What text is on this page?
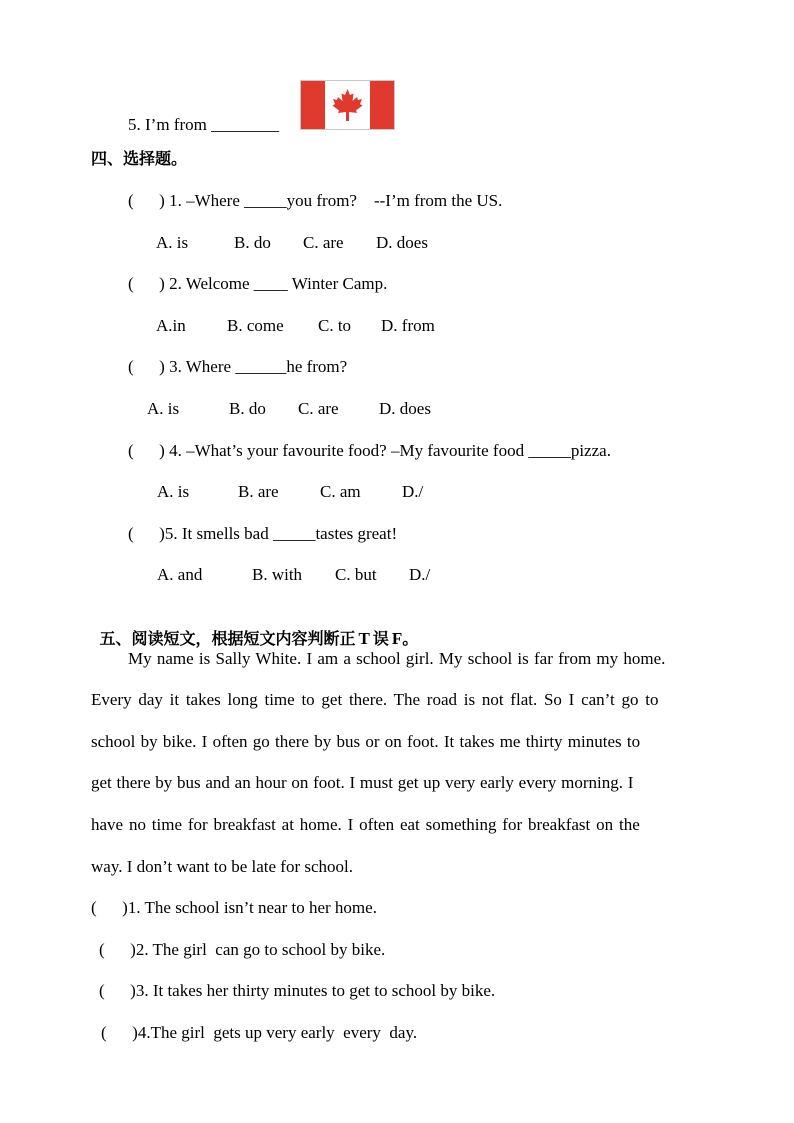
5. I’m from ________
四、选择题。
(      ) 1. –Where _____you from?    --I’m from the US.
A. is	B. do C. are D. does
(      ) 2. Welcome ____ Winter Camp.
A.in B. come C. to D. from
(      ) 3. Where ______he from?
A. is	B. do C. are D. does
(      ) 4. –What’s your favourite food? –My favourite food _____pizza.
A. is	B. are C. am D./
(      )5. It smells bad _____tastes great!
A. and	B. with C. but D./

五、阅读短文，根据短文内容判断正 T 误 F。

My name is Sally White. I am a school girl. My school is far from my home.
Every day it takes long time to get there. The road is not flat. So I can’t go to
school by bike. I often go there by bus or on foot. It takes me thirty minutes to
get there by bus and an hour on foot. I must get up very early every morning. I
have no time for breakfast at home. I often eat something for breakfast on the
way. I don’t want to be late for school.
(      )1. The school isn’t near to her home.
(      )2. The girl  can go to school by bike.
(      )3. It takes her thirty minutes to get to school by bike.
(      )4.The girl  gets up very early  every  day.
